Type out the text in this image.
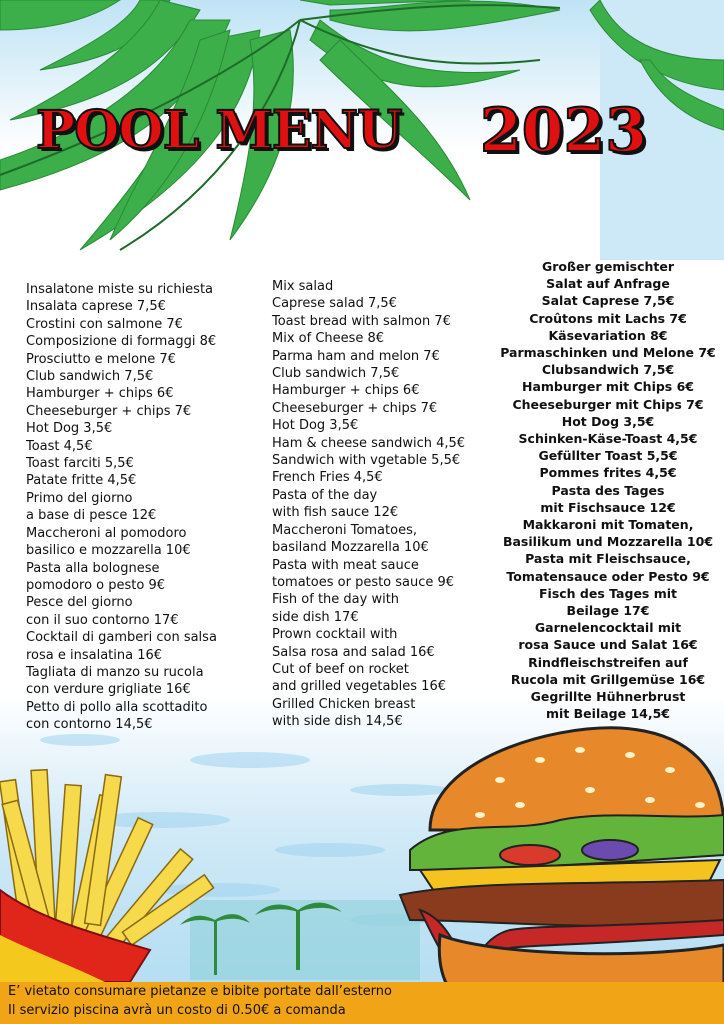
POOL MENU 2023
Insalatone miste su richiesta
Insalata caprese 7,5€
Crostini con salmone 7€
Composizione di formaggi 8€
Prosciutto e melone 7€
Club sandwich 7,5€
Hamburger + chips 6€
Cheeseburger + chips 7€
Hot Dog 3,5€
Toast 4,5€
Toast farciti 5,5€
Patate fritte 4,5€
Primo del giorno
a base di pesce 12€
Maccheroni al pomodoro
basilico e mozzarella 10€
Pasta alla bolognese
pomodoro o pesto 9€
Pesce del giorno
con il suo contorno 17€
Cocktail di gamberi con salsa
rosa e insalatina 16€
Tagliata di manzo su rucola
con verdure grigliate 16€
Petto di pollo alla scottadito
con contorno 14,5€
Mix salad
Caprese salad 7,5€
Toast bread with salmon 7€
Mix of Cheese 8€
Parma ham and melon 7€
Club sandwich 7,5€
Hamburger + chips 6€
Cheeseburger + chips 7€
Hot Dog 3,5€
Ham & cheese sandwich 4,5€
Sandwich with vgetable 5,5€
French Fries 4,5€
Pasta of the day
with fish sauce 12€
Maccheroni Tomatoes,
basiland Mozzarella 10€
Pasta with meat sauce
tomatoes or pesto sauce 9€
Fish of the day with
side dish 17€
Prown cocktail with
Salsa rosa and salad 16€
Cut of beef on rocket
and grilled vegetables 16€
Grilled Chicken breast
with side dish 14,5€
Großer gemischter
Salat auf Anfrage
Salat Caprese 7,5€
Croûtons mit Lachs 7€
Käsevariation 8€
Parmaschinken und Melone 7€
Clubsandwich 7,5€
Hamburger mit Chips 6€
Cheeseburger mit Chips 7€
Hot Dog 3,5€
Schinken-Käse-Toast 4,5€
Gefüllter Toast 5,5€
Pommes frites 4,5€
Pasta des Tages
mit Fischsauce 12€
Makkaroni mit Tomaten,
Basilikum und Mozzarella 10€
Pasta mit Fleischsauce,
Tomatensauce oder Pesto 9€
Fisch des Tages mit
Beilage 17€
Garnelencocktail mit
rosa Sauce und Salat 16€
Rindfleischstreifen auf
Rucola mit Grillgemüse 16€
Gegrillte Hühnerbrust
mit Beilage 14,5€
E’ vietato consumare pietanze e bibite portate dall’esterno
Il servizio piscina avrà un costo di 0.50€ a comanda
